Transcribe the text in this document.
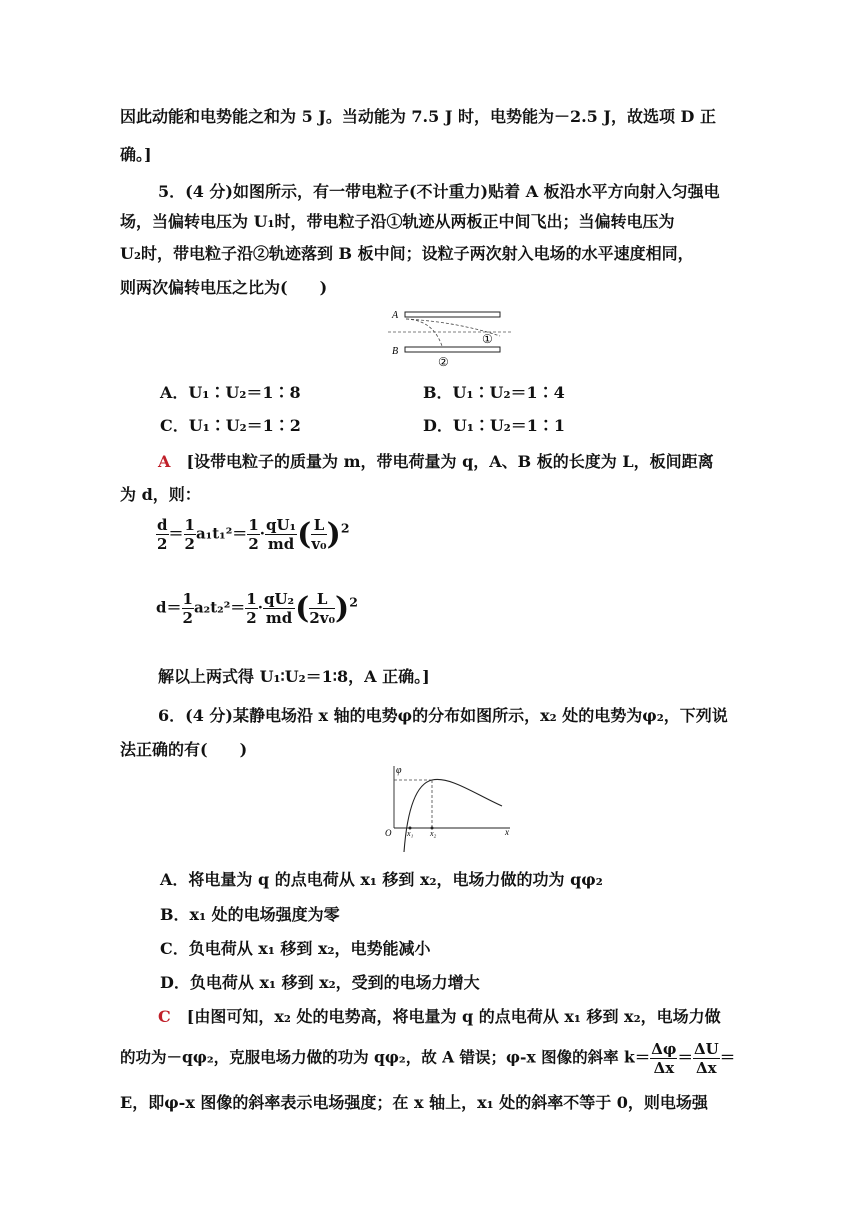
因此动能和电势能之和为 5 J。当动能为 7.5 J 时，电势能为－2.5 J，故选项 D 正
确。]
5．(4 分)如图所示，有一带电粒子(不计重力)贴着 A 板沿水平方向射入匀强电
场，当偏转电压为 U₁时，带电粒子沿①轨迹从两板正中间飞出；当偏转电压为
U₂时，带电粒子沿②轨迹落到 B 板中间；设粒子两次射入电场的水平速度相同，
则两次偏转电压之比为(　　)
A
B
①
②
A．U₁∶U₂＝1∶8	B．U₁∶U₂＝1∶4
C．U₁∶U₂＝1∶2	D．U₁∶U₂＝1∶1
A　 [设带电粒子的质量为 m，带电荷量为 q，A、B 板的长度为 L，板间距离
为 d，则：
$\frac{d}{2} = \frac{1}{2} a_1t_1^2= \frac{1}{2} \cdot \frac{\text{qU₁}}{md}$ ( $\frac{L}{\text{v₀}} )^2$
$d= \frac{1}{2} a_2t_2^2= \frac{1}{2} \cdot \frac{\text{qU₂}}{md}$ ( $\frac{L}{\text{2v₀}} )^2$
解以上两式得 U₁∶U₂＝1∶8，A 正确。]
6．(4 分)某静电场沿 x 轴的电势φ的分布如图所示，x₂ 处的电势为φ₂，下列说
法正确的有(　　)
φ
O	x
x₁ x₂
A．将电量为 q 的点电荷从 x₁ 移到 x₂，电场力做的功为 qφ₂
B．x₁ 处的电场强度为零
C．负电荷从 x₁ 移到 x₂，电势能减小
D．负电荷从 x₁ 移到 x₂，受到的电场力增大
C　 [由图可知，x₂ 处的电势高，将电量为 q 的点电荷从 x₁ 移到 x₂，电场力做
的功为－qφ₂，克服电场力做的功为 qφ₂，故 A 错误；φ-x 图像的斜率 $k= \frac{\Delta\varphi}{\Delta x} = \frac{\Delta U}{\Delta x}$ ＝
E，即φ-x 图像的斜率表示电场强度；在 x 轴上，x₁ 处的斜率不等于 0，则电场强
